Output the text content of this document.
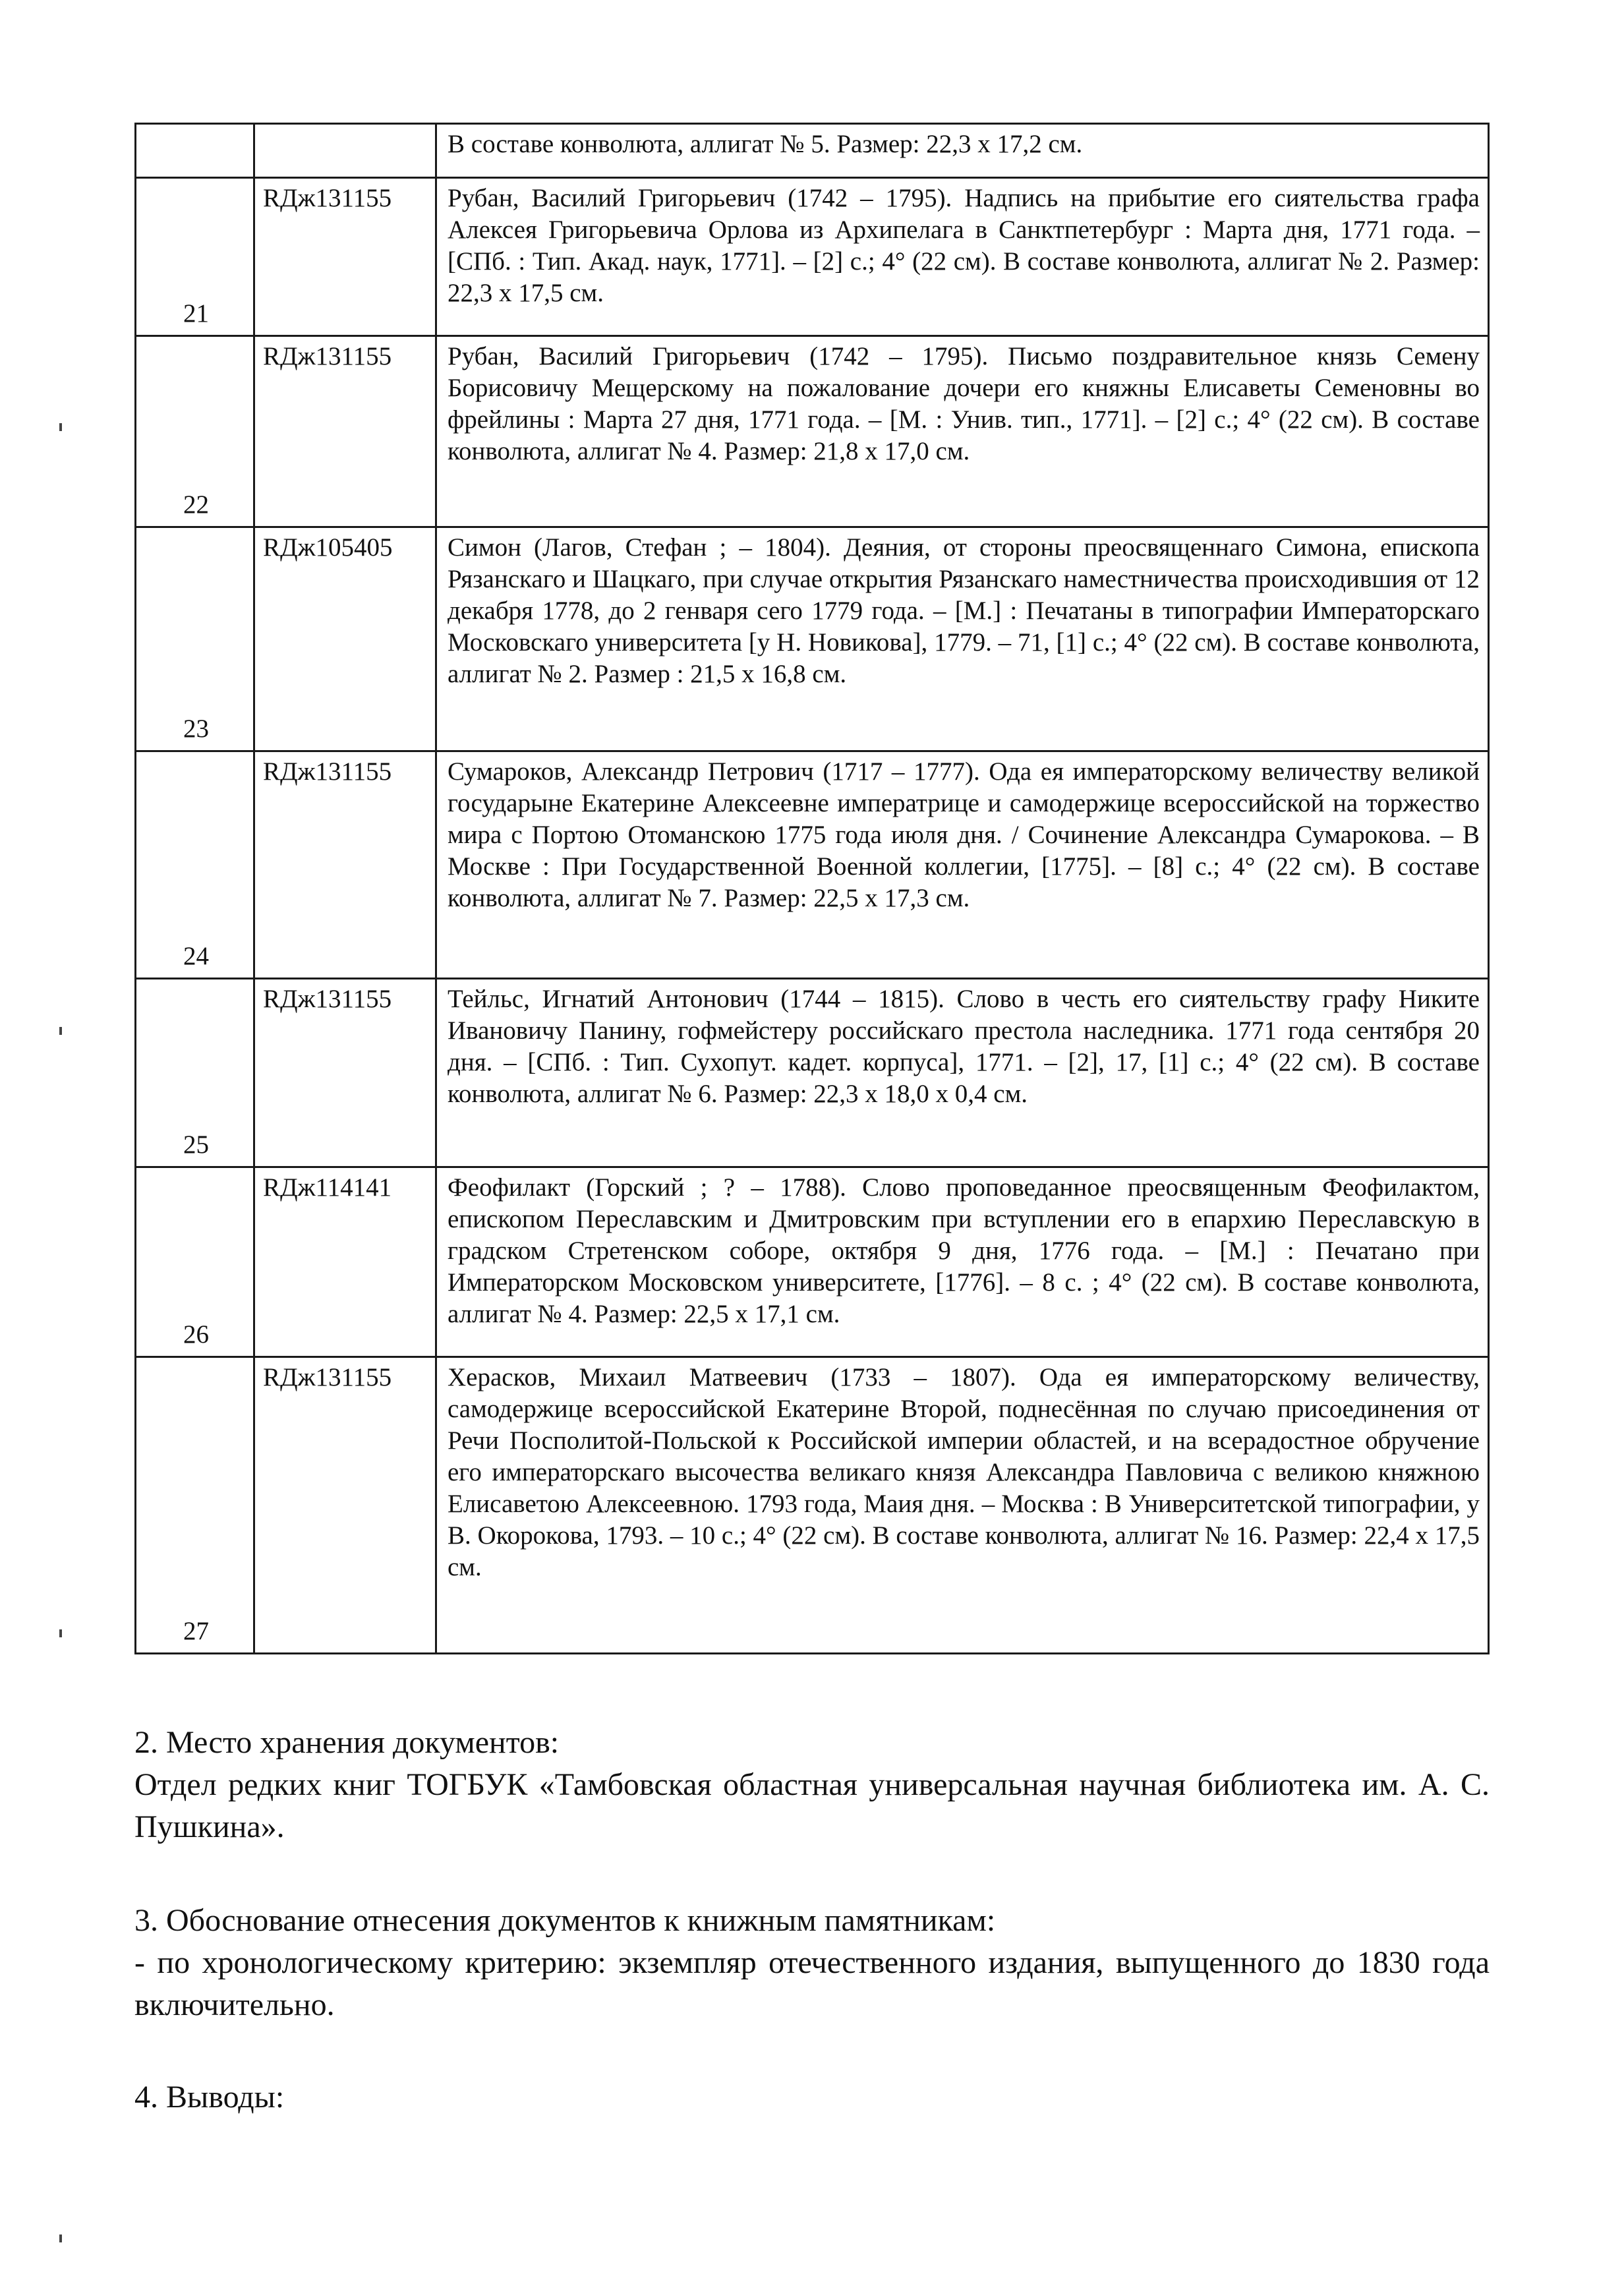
		В составе конволюта, аллигат № 5. Размер: 22,3 х 17,2 см.
21	RДж131155	Рубан, Василий Григорьевич (1742 – 1795). Надпись на прибытие его сиятельства графа Алексея Григорьевича Орлова из Архипелага в Санктпетербург : Марта дня, 1771 года. – [СПб. : Тип. Акад. наук, 1771]. – [2] с.; 4° (22 см). В составе конволюта, аллигат № 2. Размер: 22,3 х 17,5 см.
22	RДж131155	Рубан, Василий Григорьевич (1742 – 1795). Письмо поздравительное князь Семену Борисовичу Мещерскому на пожалование дочери его княжны Елисаветы Семеновны во фрейлины : Марта 27 дня, 1771 года. – [М. : Унив. тип., 1771]. – [2] с.; 4° (22 см). В составе конволюта, аллигат № 4. Размер: 21,8 х 17,0 см.
23	RДж105405	Симон (Лагов, Стефан ; – 1804). Деяния, от стороны преосвященнаго Симона, епископа Рязанскаго и Шацкаго, при случае открытия Рязанскаго наместничества происходившия от 12 декабря 1778, до 2 генваря сего 1779 года. – [М.] : Печатаны в типографии Императорскаго Московскаго университета [у Н. Новикова], 1779. – 71, [1] с.; 4° (22 см). В составе конволюта, аллигат № 2. Размер : 21,5 х 16,8 см.
24	RДж131155	Сумароков, Александр Петрович (1717 – 1777). Ода ея императорскому величеству великой государыне Екатерине Алексеевне императрице и самодержице всероссийской на торжество мира с Портою Отоманскою 1775 года июля дня. / Сочинение Александра Сумарокова. – В Москве : При Государственной Военной коллегии, [1775]. – [8] с.; 4° (22 см). В составе конволюта, аллигат № 7. Размер: 22,5 х 17,3 см.
25	RДж131155	Тейльс, Игнатий Антонович (1744 – 1815). Слово в честь его сиятельству графу Никите Ивановичу Панину, гофмейстеру российскаго престола наследника. 1771 года сентября 20 дня. – [СПб. : Тип. Сухопут. кадет. корпуса], 1771. – [2], 17, [1] с.; 4° (22 см). В составе конволюта, аллигат № 6. Размер: 22,3 х 18,0 х 0,4 см.
26	RДж114141	Феофилакт (Горский ; ? – 1788). Слово проповеданное преосвященным Феофилактом, епископом Переславским и Дмитровским при вступлении его в епархию Переславскую в градском Стретенском соборе, октября 9 дня, 1776 года. – [М.] : Печатано при Императорском Московском университете, [1776]. – 8 с. ; 4° (22 см). В составе конволюта, аллигат № 4. Размер: 22,5 х 17,1 см.
27	RДж131155	Херасков, Михаил Матвеевич (1733 – 1807). Ода ея императорскому величеству, самодержице всероссийской Екатерине Второй, поднесённая по случаю присоединения от Речи Посполитой-Польской к Российской империи областей, и на всерадостное обручение его императорскаго высочества великаго князя Александра Павловича с великою княжною Елисаветою Алексеевною. 1793 года, Маия дня. – Москва : В Университетской типографии, у В. Окорокова, 1793. – 10 с.; 4° (22 см). В составе конволюта, аллигат № 16. Размер: 22,4 х 17,5 см.

2. Место хранения документов:

Отдел редких книг ТОГБУК «Тамбовская областная универсальная научная библиотека им. А. С. Пушкина».

3. Обоснование отнесения документов к книжным памятникам:

- по хронологическому критерию: экземпляр отечественного издания, выпущенного до 1830 года включительно.

4. Выводы:
